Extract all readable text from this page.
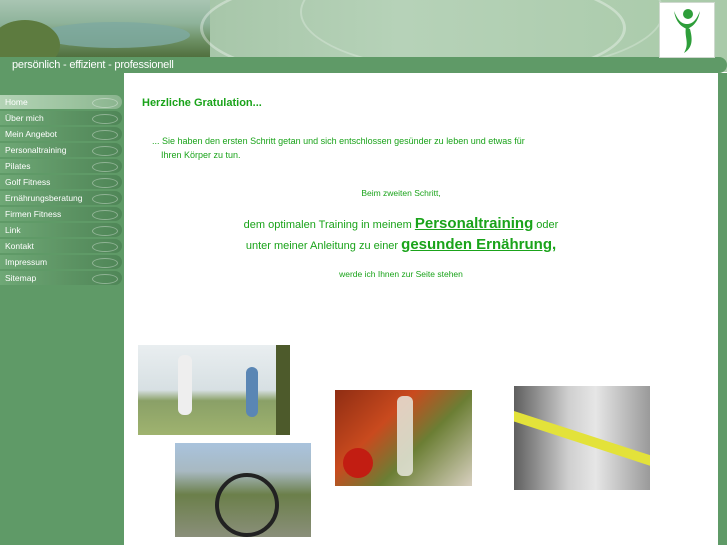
persönlich - effizient - professionell
Home
Über mich
Mein Angebot
Personaltraining
Pilates
Golf Fitness
Ernährungsberatung
Firmen Fitness
Link
Kontakt
Impressum
Sitemap
Herzliche Gratulation...
... Sie haben den ersten Schritt getan und sich entschlossen gesünder zu leben und etwas für
Ihren Körper zu tun.
Beim zweiten Schritt,
dem optimalen Training in meinem Personaltraining oder
unter meiner Anleitung zu einer gesunden Ernährung,
werde ich Ihnen zur Seite stehen
